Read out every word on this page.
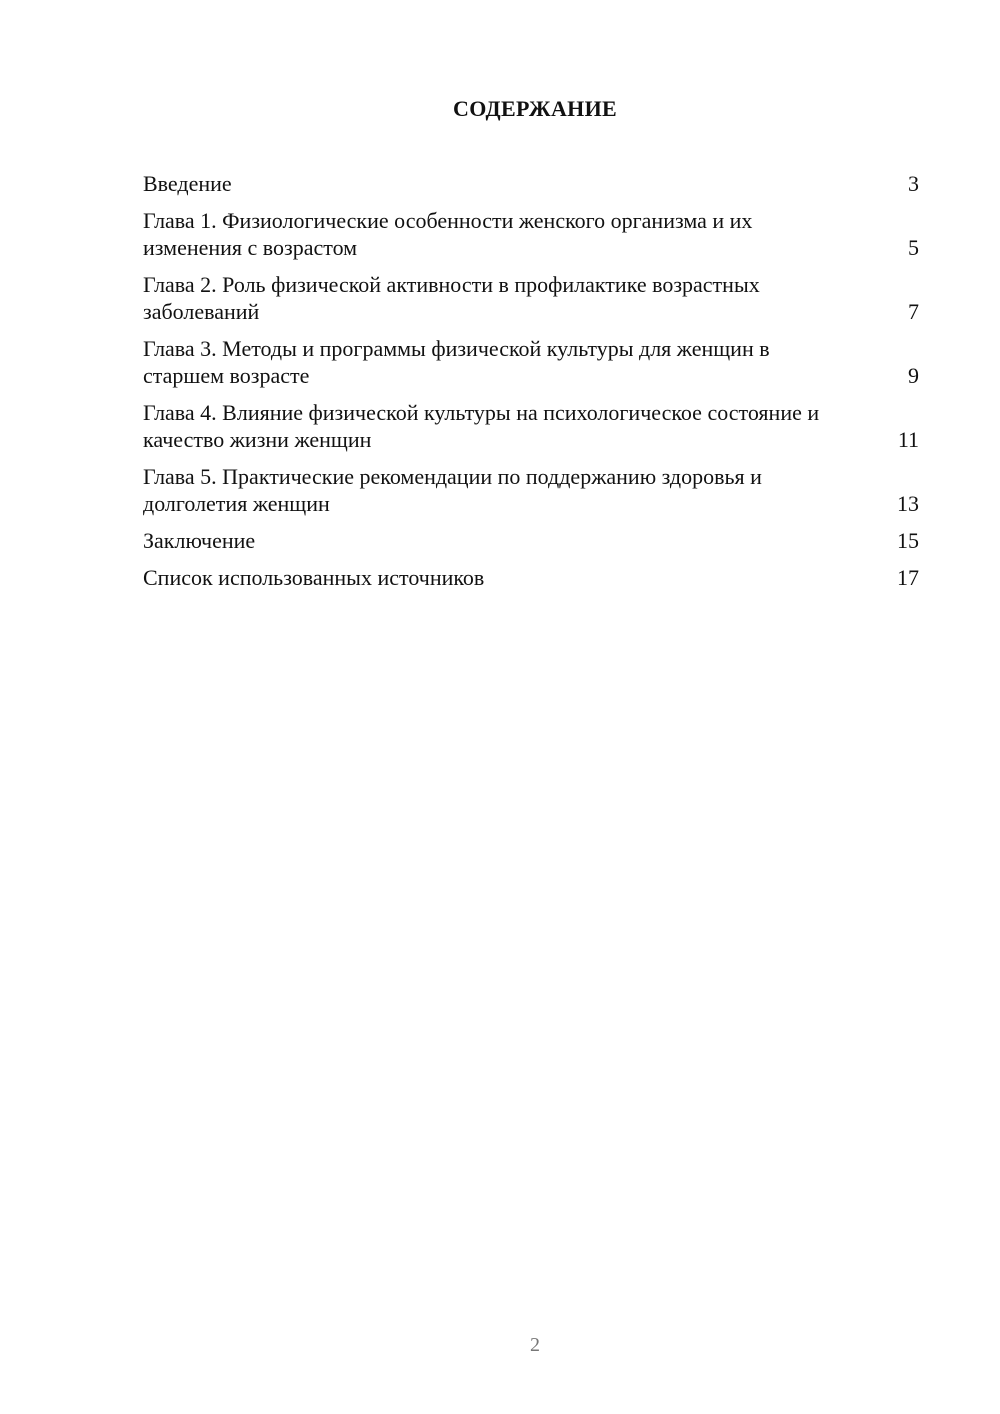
СОДЕРЖАНИЕ
Введение	3
Глава 1. Физиологические особенности женского организма и их изменения с возрастом	5
Глава 2. Роль физической активности в профилактике возрастных заболеваний	7
Глава 3. Методы и программы физической культуры для женщин в старшем возрасте	9
Глава 4. Влияние физической культуры на психологическое состояние и качество жизни женщин	11
Глава 5. Практические рекомендации по поддержанию здоровья и долголетия женщин	13
Заключение	15
Список использованных источников	17
2
